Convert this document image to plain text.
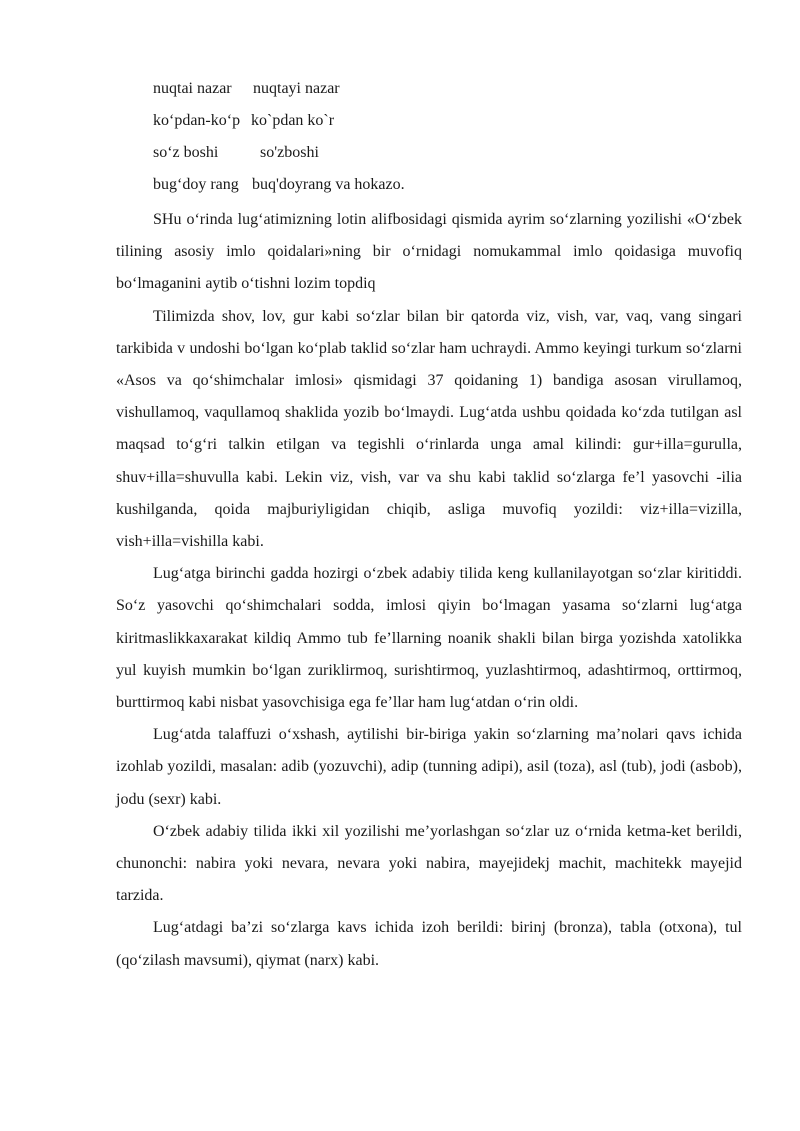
nuqtai nazar nuqtayi nazar
ko‘pdan-ko‘p ko`pdan ko`r
so‘z boshi	so'zboshi
bug‘doy rang buq'doyrang va hokazo.

SHu o‘rinda lug‘atimizning lotin alifbosidagi qismida ayrim so‘zlarning yozilishi «O‘zbek tilining asosiy imlo qoidalari»ning bir o‘rnidagi nomukammal imlo qoidasiga muvofiq bo‘lmaganini aytib o‘tishni lozim topdiq

Tilimizda shov, lov, gur kabi so‘zlar bilan bir qatorda viz, vish, var, vaq, vang singari tarkibida v undoshi bo‘lgan ko‘plab taklid so‘zlar ham uchraydi. Ammo keyingi turkum so‘zlarni «Asos va qo‘shimchalar imlosi» qismidagi 37 qoidaning 1) bandiga asosan virullamoq, vishullamoq, vaqullamoq shaklida yozib bo‘lmaydi. Lug‘atda ushbu qoidada ko‘zda tutilgan asl maqsad to‘g‘ri talkin etilgan va tegishli o‘rinlarda unga amal kilindi: gur+illa=gurulla, shuv+illa=shuvulla kabi. Lekin viz, vish, var va shu kabi taklid so‘zlarga fe’l yasovchi -ilia kushilganda, qoida majburiyligidan chiqib, asliga muvofiq yozildi: viz+illa=vizilla, vish+illa=vishilla kabi.

Lug‘atga birinchi gadda hozirgi o‘zbek adabiy tilida keng kullanilayotgan so‘zlar kiritiddi. So‘z yasovchi qo‘shimchalari sodda, imlosi qiyin bo‘lmagan yasama so‘zlarni lug‘atga kiritmaslikkaxarakat kildiq Ammo tub fe’llarning noanik shakli bilan birga yozishda xatolikka yul kuyish mumkin bo‘lgan zuriklirmoq, surishtirmoq, yuzlashtirmoq, adashtirmoq, orttirmoq, burttirmoq kabi nisbat yasovchisiga ega fe’llar ham lug‘atdan o‘rin oldi.

Lug‘atda talaffuzi o‘xshash, aytilishi bir-biriga yakin so‘zlarning ma’nolari qavs ichida izohlab yozildi, masalan: adib (yozuvchi), adip (tunning adipi), asil (toza), asl (tub), jodi (asbob), jodu (sexr) kabi.

O‘zbek adabiy tilida ikki xil yozilishi me’yorlashgan so‘zlar uz o‘rnida ketma-ket berildi, chunonchi: nabira yoki nevara, nevara yoki nabira, mayejidekj machit, machitekk mayejid tarzida.

Lug‘atdagi ba’zi so‘zlarga kavs ichida izoh berildi: birinj (bronza), tabla (otxona), tul (qo‘zilash mavsumi), qiymat (narx) kabi.
